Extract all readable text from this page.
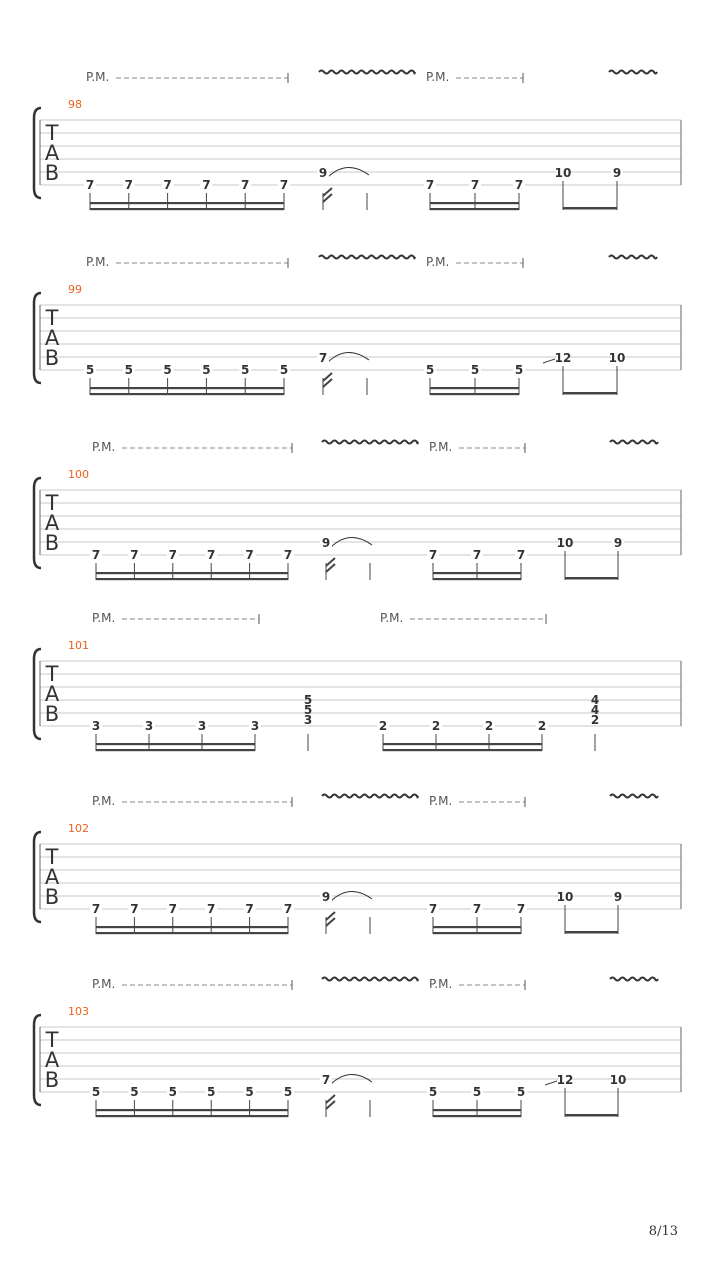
T
A
B
98
P.M.	P.M.
7	7	7	7	7	7
9
7	7	7
10	9
T
A
B
99
P.M.	P.M.
5	5	5	5	5	5
7
5	5	5
12	10
T
A
B
100
P.M.	P.M.
7	7	7	7	7	7
9
7	7	7
10	9
T
A
B
101
P.M.	P.M.
3	3	3	3	2	2	2	2
5
5
3
4
4
2
T
A
B
102
P.M.	P.M.
7	7	7	7	7	7
9
7	7	7
10	9
T
A
B
103
P.M.	P.M.
5	5	5	5	5	5
7
5	5	5
12	10
8/13
